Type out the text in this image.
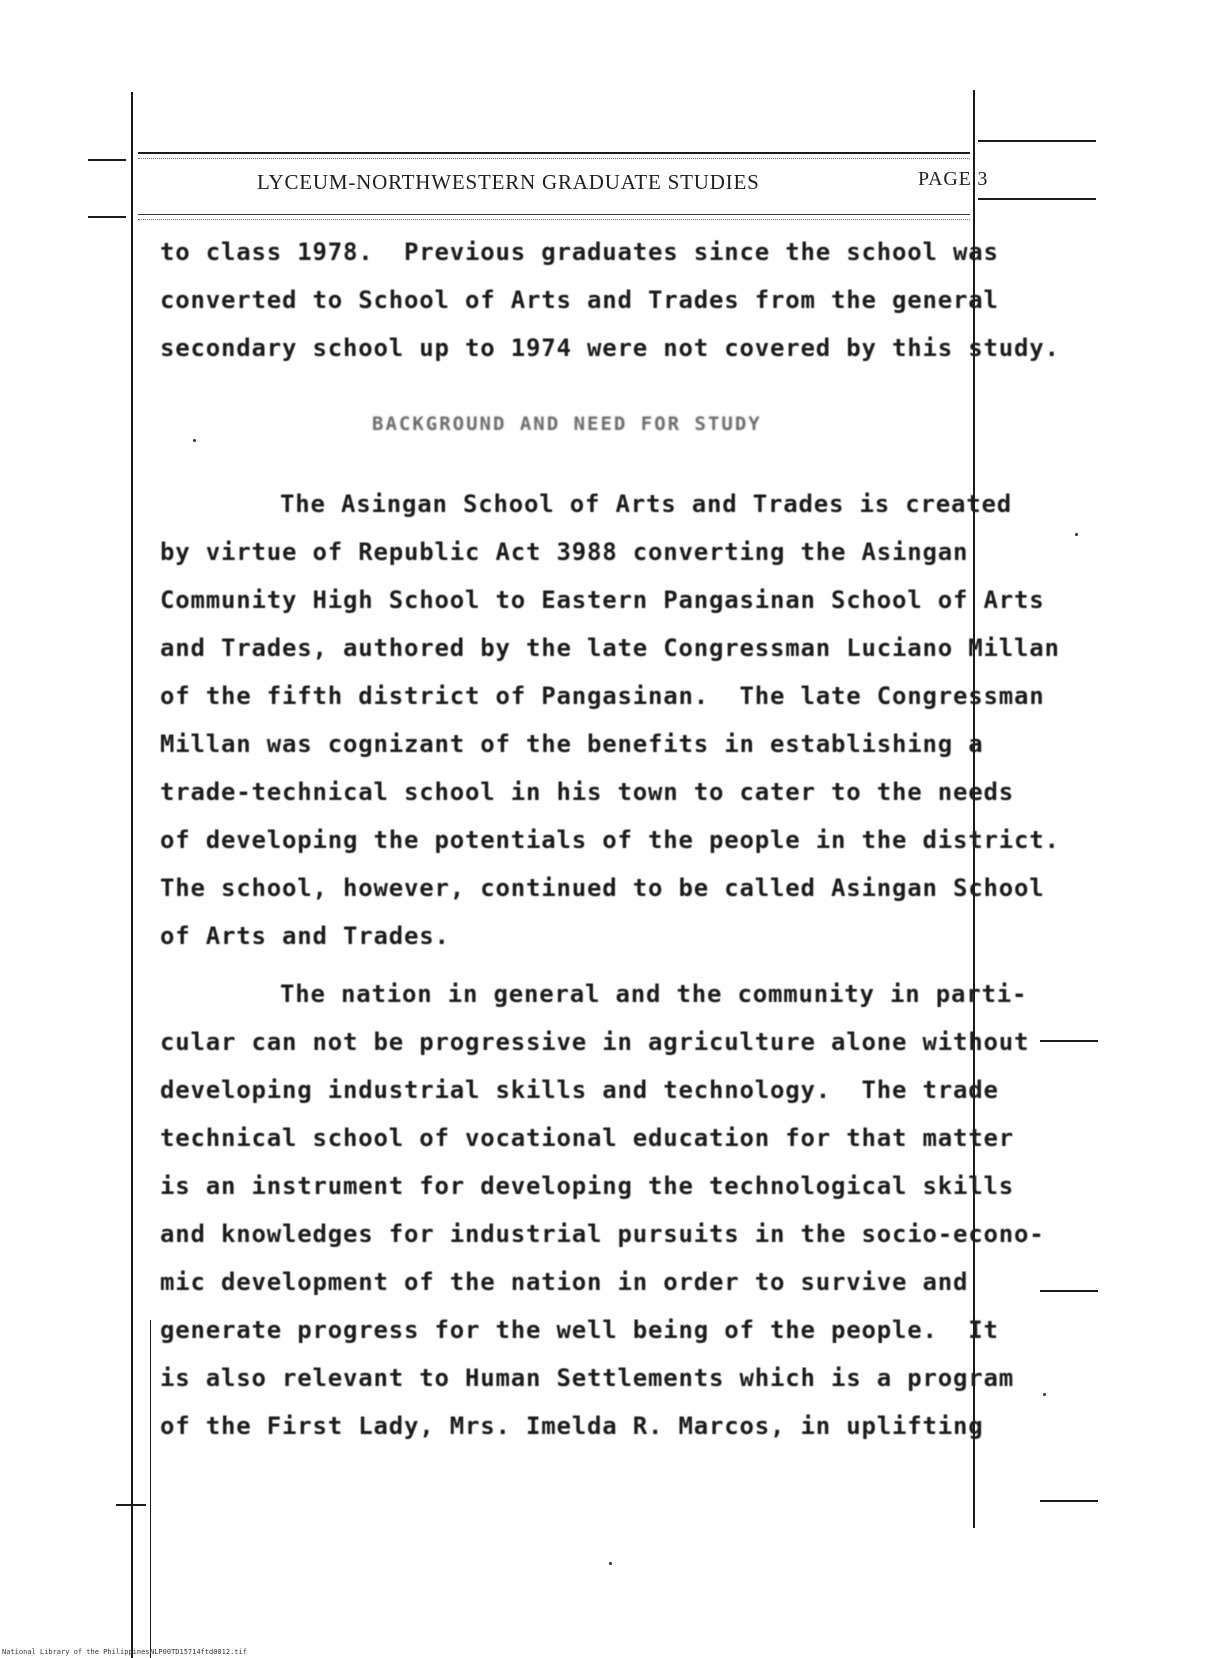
LYCEUM-NORTHWESTERN GRADUATE STUDIES	PAGE 3
to class 1978.  Previous graduates since the school was
converted to School of Arts and Trades from the general
secondary school up to 1974 were not covered by this study.
BACKGROUND AND NEED FOR STUDY
The Asingan School of Arts and Trades is created
by virtue of Republic Act 3988 converting the Asingan
Community High School to Eastern Pangasinan School of Arts
and Trades, authored by the late Congressman Luciano Millan
of the fifth district of Pangasinan.  The late Congressman
Millan was cognizant of the benefits in establishing a
trade-technical school in his town to cater to the needs
of developing the potentials of the people in the district.
The school, however, continued to be called Asingan School
of Arts and Trades.
The nation in general and the community in parti-
cular can not be progressive in agriculture alone without
developing industrial skills and technology.  The trade
technical school of vocational education for that matter
is an instrument for developing the technological skills
and knowledges for industrial pursuits in the socio-econo-
mic development of the nation in order to survive and
generate progress for the well being of the people.  It
is also relevant to Human Settlements which is a program
of the First Lady, Mrs. Imelda R. Marcos, in uplifting
National Library of the Philippines NLP00TD15714ftd0012.tif
